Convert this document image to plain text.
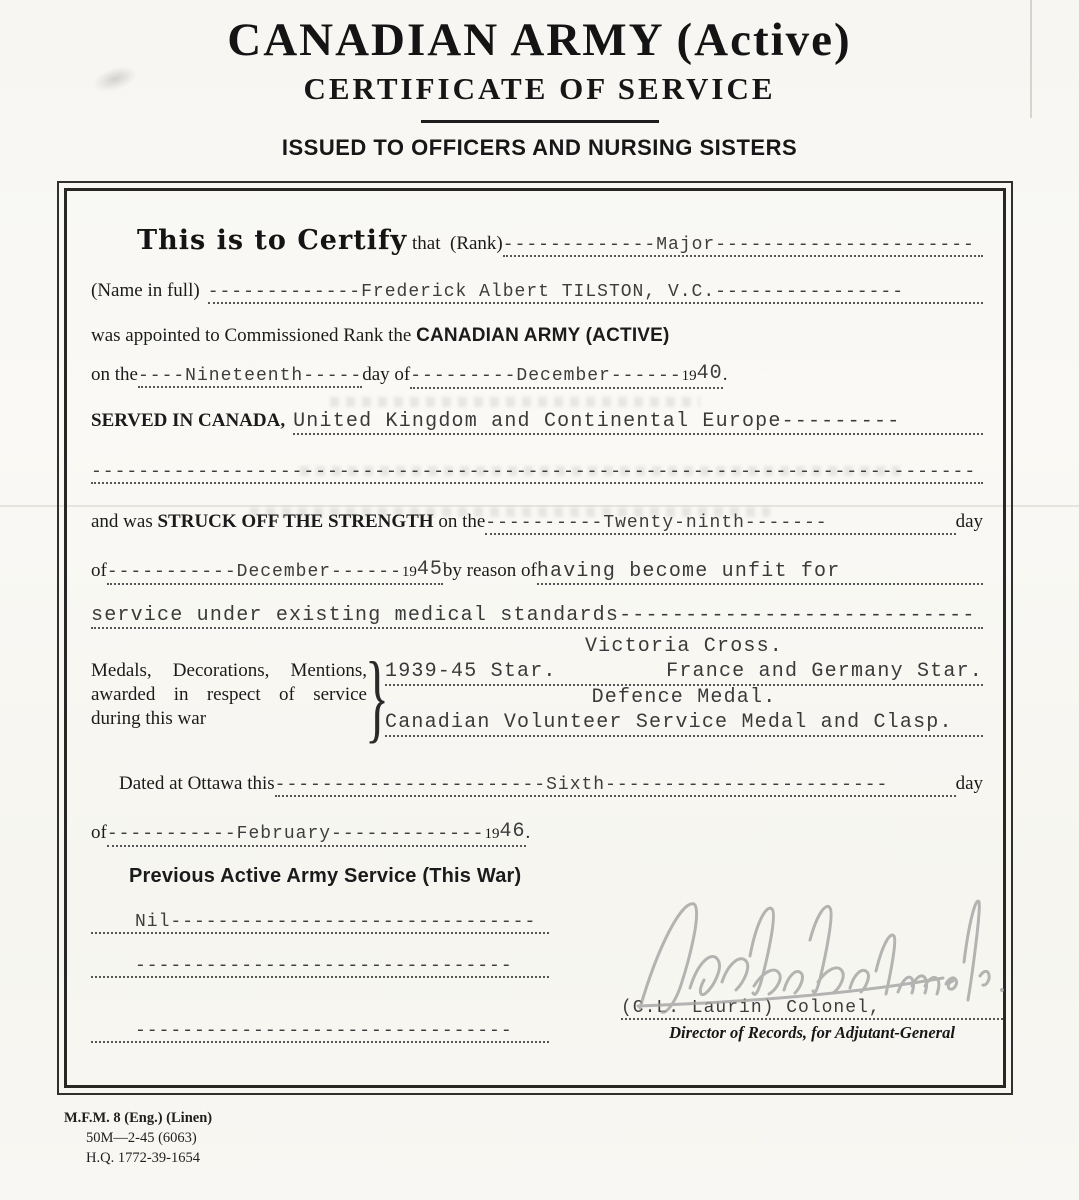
CANADIAN ARMY (Active)
CERTIFICATE OF SERVICE
ISSUED TO OFFICERS AND NURSING SISTERS
This is to Certify that  (Rank) -------------Major----------------------
(Name in full) -------------Frederick Albert TILSTON, V.C.----------------
was appointed to Commissioned Rank the CANADIAN ARMY (ACTIVE)
on the ----Nineteenth----- day of ---------December------1940 .
SERVED IN CANADA, United Kingdom and Continental Europe---------
---------------------------------------------------------------------------
and was STRUCK OFF THE STRENGTH on the ----------Twenty-ninth-------	day
of -----------December------1945 by reason of having become unfit for
service under existing medical standards---------------------------
Medals, Decorations, Mentions,
awarded in respect of service
during this war	}	Victoria Cross.
1939-45 Star.	France and Germany Star.
Defence Medal.
Canadian Volunteer Service Medal and Clasp.
Dated at Ottawa this -----------------------Sixth------------------------	day
of -----------February-------------1946 .
Previous Active Army Service (This War)
Nil-------------------------------
--------------------------------
--------------------------------
(C.L. Laurin) Colonel,
Director of Records, for Adjutant-General
M.F.M. 8 (Eng.) (Linen)
50M—2-45 (6063)
H.Q. 1772-39-1654
